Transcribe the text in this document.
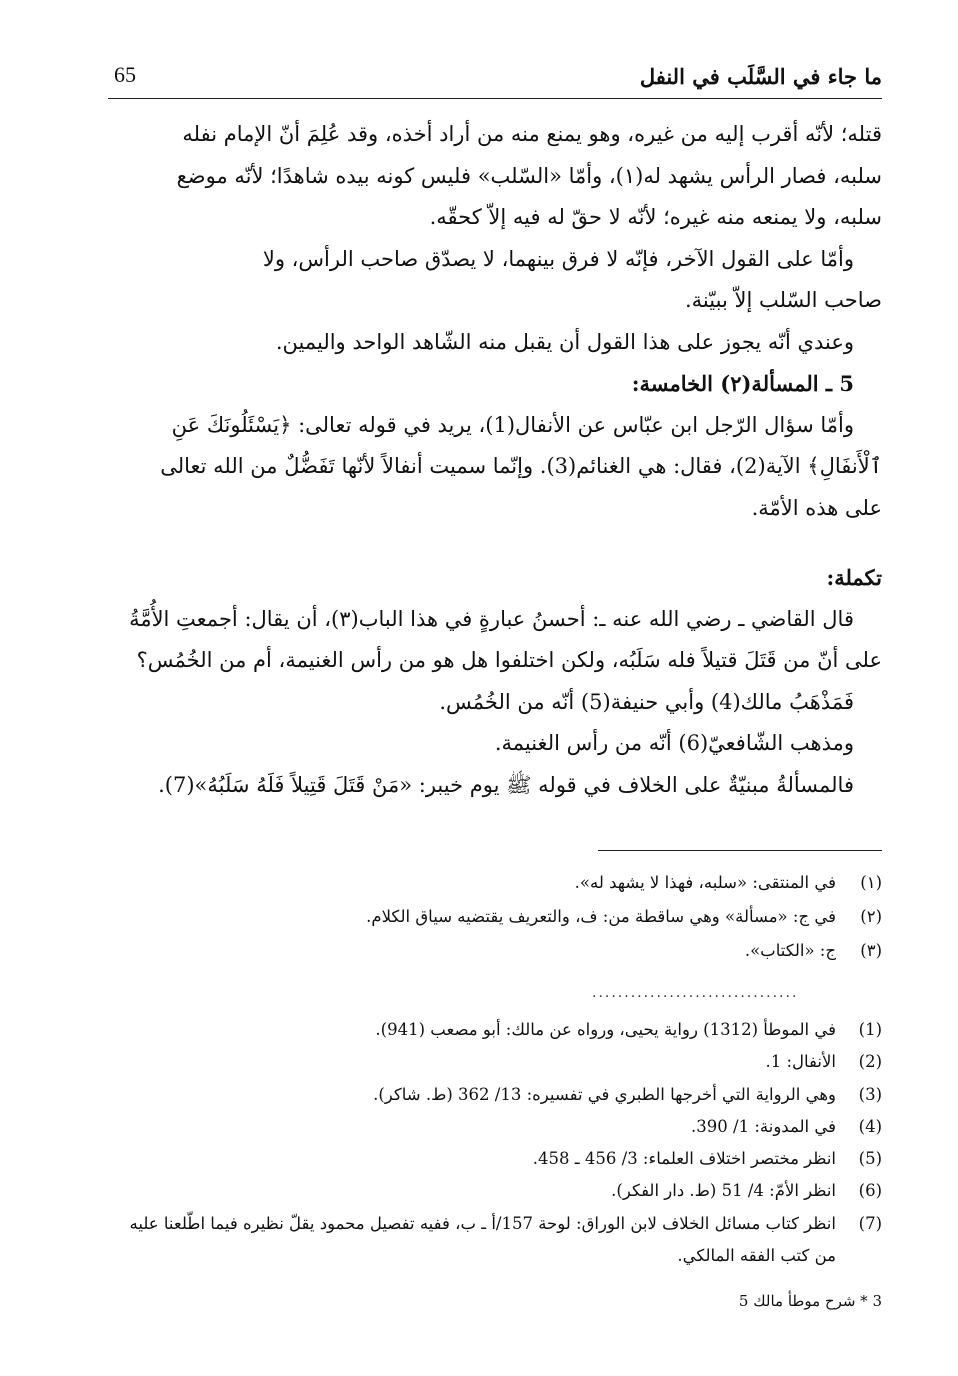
65	ما جاء في السَّلَب في النفل
قتله؛ لأنّه أقرب إليه من غيره، وهو يمنع منه من أراد أخذه، وقد عُلِمَ أنّ الإمام نفله
سلبه، فصار الرأس يشهد له(١)، وأمّا «السّلب» فليس كونه بيده شاهدًا؛ لأنّه موضع
سلبه، ولا يمنعه منه غيره؛ لأنّه لا حقّ له فيه إلاّ كحقّه.
وأمّا على القول الآخر، فإنّه لا فرق بينهما، لا يصدّق صاحب الرأس، ولا
صاحب السّلب إلاّ ببيّنة.
وعندي أنّه يجوز على هذا القول أن يقبل منه الشّاهد الواحد واليمين.
5 ـ المسألة(٢) الخامسة:
وأمّا سؤال الرّجل ابن عبّاس عن الأنفال(1)، يريد في قوله تعالى: ﴿يَسْئَلُونَكَ عَنِ
ٱلْأَنفَالِ﴾ الآية(2)، فقال: هي الغنائم(3). وإنّما سميت أنفالاً لأنّها تَفَضُّلٌ من الله تعالى
على هذه الأمّة.
تكملة:
قال القاضي ـ رضي الله عنه ـ: أحسنُ عبارةٍ في هذا الباب(٣)، أن يقال: أجمعتِ الأُمَّةُ
على أنّ من قَتَلَ قتيلاً فله سَلَبُه، ولكن اختلفوا هل هو من رأس الغنيمة، أم من الخُمُس؟
فَمَذْهَبُ مالك(4) وأبي حنيفة(5) أنّه من الخُمُس.
ومذهب الشّافعيّ(6) أنّه من رأس الغنيمة.
فالمسألةُ مبنيّةٌ على الخلاف في قوله ﷺ يوم خيبر: «مَنْ قَتَلَ قَتِيلاً فَلَهُ سَلَبُهُ»(7).
(١)
في المنتقى: «سلبه، فهذا لا يشهد له».
(٢)
في ج: «مسألة» وهي ساقطة من: ف، والتعريف يقتضيه سياق الكلام.
(٣)
ج: «الكتاب».
................................
(1)
في الموطأ (1312) رواية يحيى، ورواه عن مالك: أبو مصعب (941).
(2)
الأنفال: 1.
(3)
وهي الرواية التي أخرجها الطبري في تفسيره: 13/ 362 (ط. شاكر).
(4)
في المدونة: 1/ 390.
(5)
انظر مختصر اختلاف العلماء: 3/ 456 ـ 458.
(6)
انظر الأمّ: 4/ 51 (ط. دار الفكر).
(7)
انظر كتاب مسائل الخلاف لابن الوراق: لوحة 157/أ ـ ب، ففيه تفصيل محمود يقلّ نظيره فيما اطّلعنا عليه من كتب الفقه المالكي.
3 * شرح موطأ مالك 5
